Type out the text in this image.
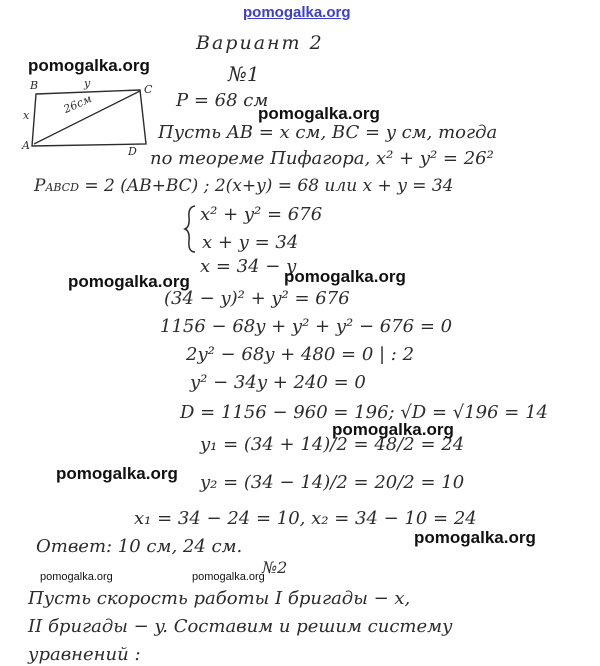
pomogalka.org
Вариант 2
№1
B	y	C
x	26см
A	D
P = 68 см
Пусть AB = x см, BC = y см, тогда
по теореме Пифагора, x² + y² = 26²
PABCD = 2 (AB+BC) ; 2(x+y) = 68 или x + y = 34
x² + y² = 676
x + y = 34
x = 34 − y
(34 − y)² + y² = 676
1156 − 68y + y² + y² − 676 = 0
2y² − 68y + 480 = 0 | : 2
y² − 34y + 240 = 0
D = 1156 − 960 = 196; √D = √196 = 14
y₁ = (34 + 14)/2 = 48/2 = 24
y₂ = (34 − 14)/2 = 20/2 = 10
x₁ = 34 − 24 = 10, x₂ = 34 − 10 = 24
Ответ: 10 см, 24 см.
№2
Пусть скорость работы I бригады − x,
II бригады − y. Составим и решим систему
уравнений :
pomogalka.org
pomogalka.org
pomogalka.org	pomogalka.org
pomogalka.org
pomogalka.org
pomogalka.org
pomogalka.org	pomogalka.org
